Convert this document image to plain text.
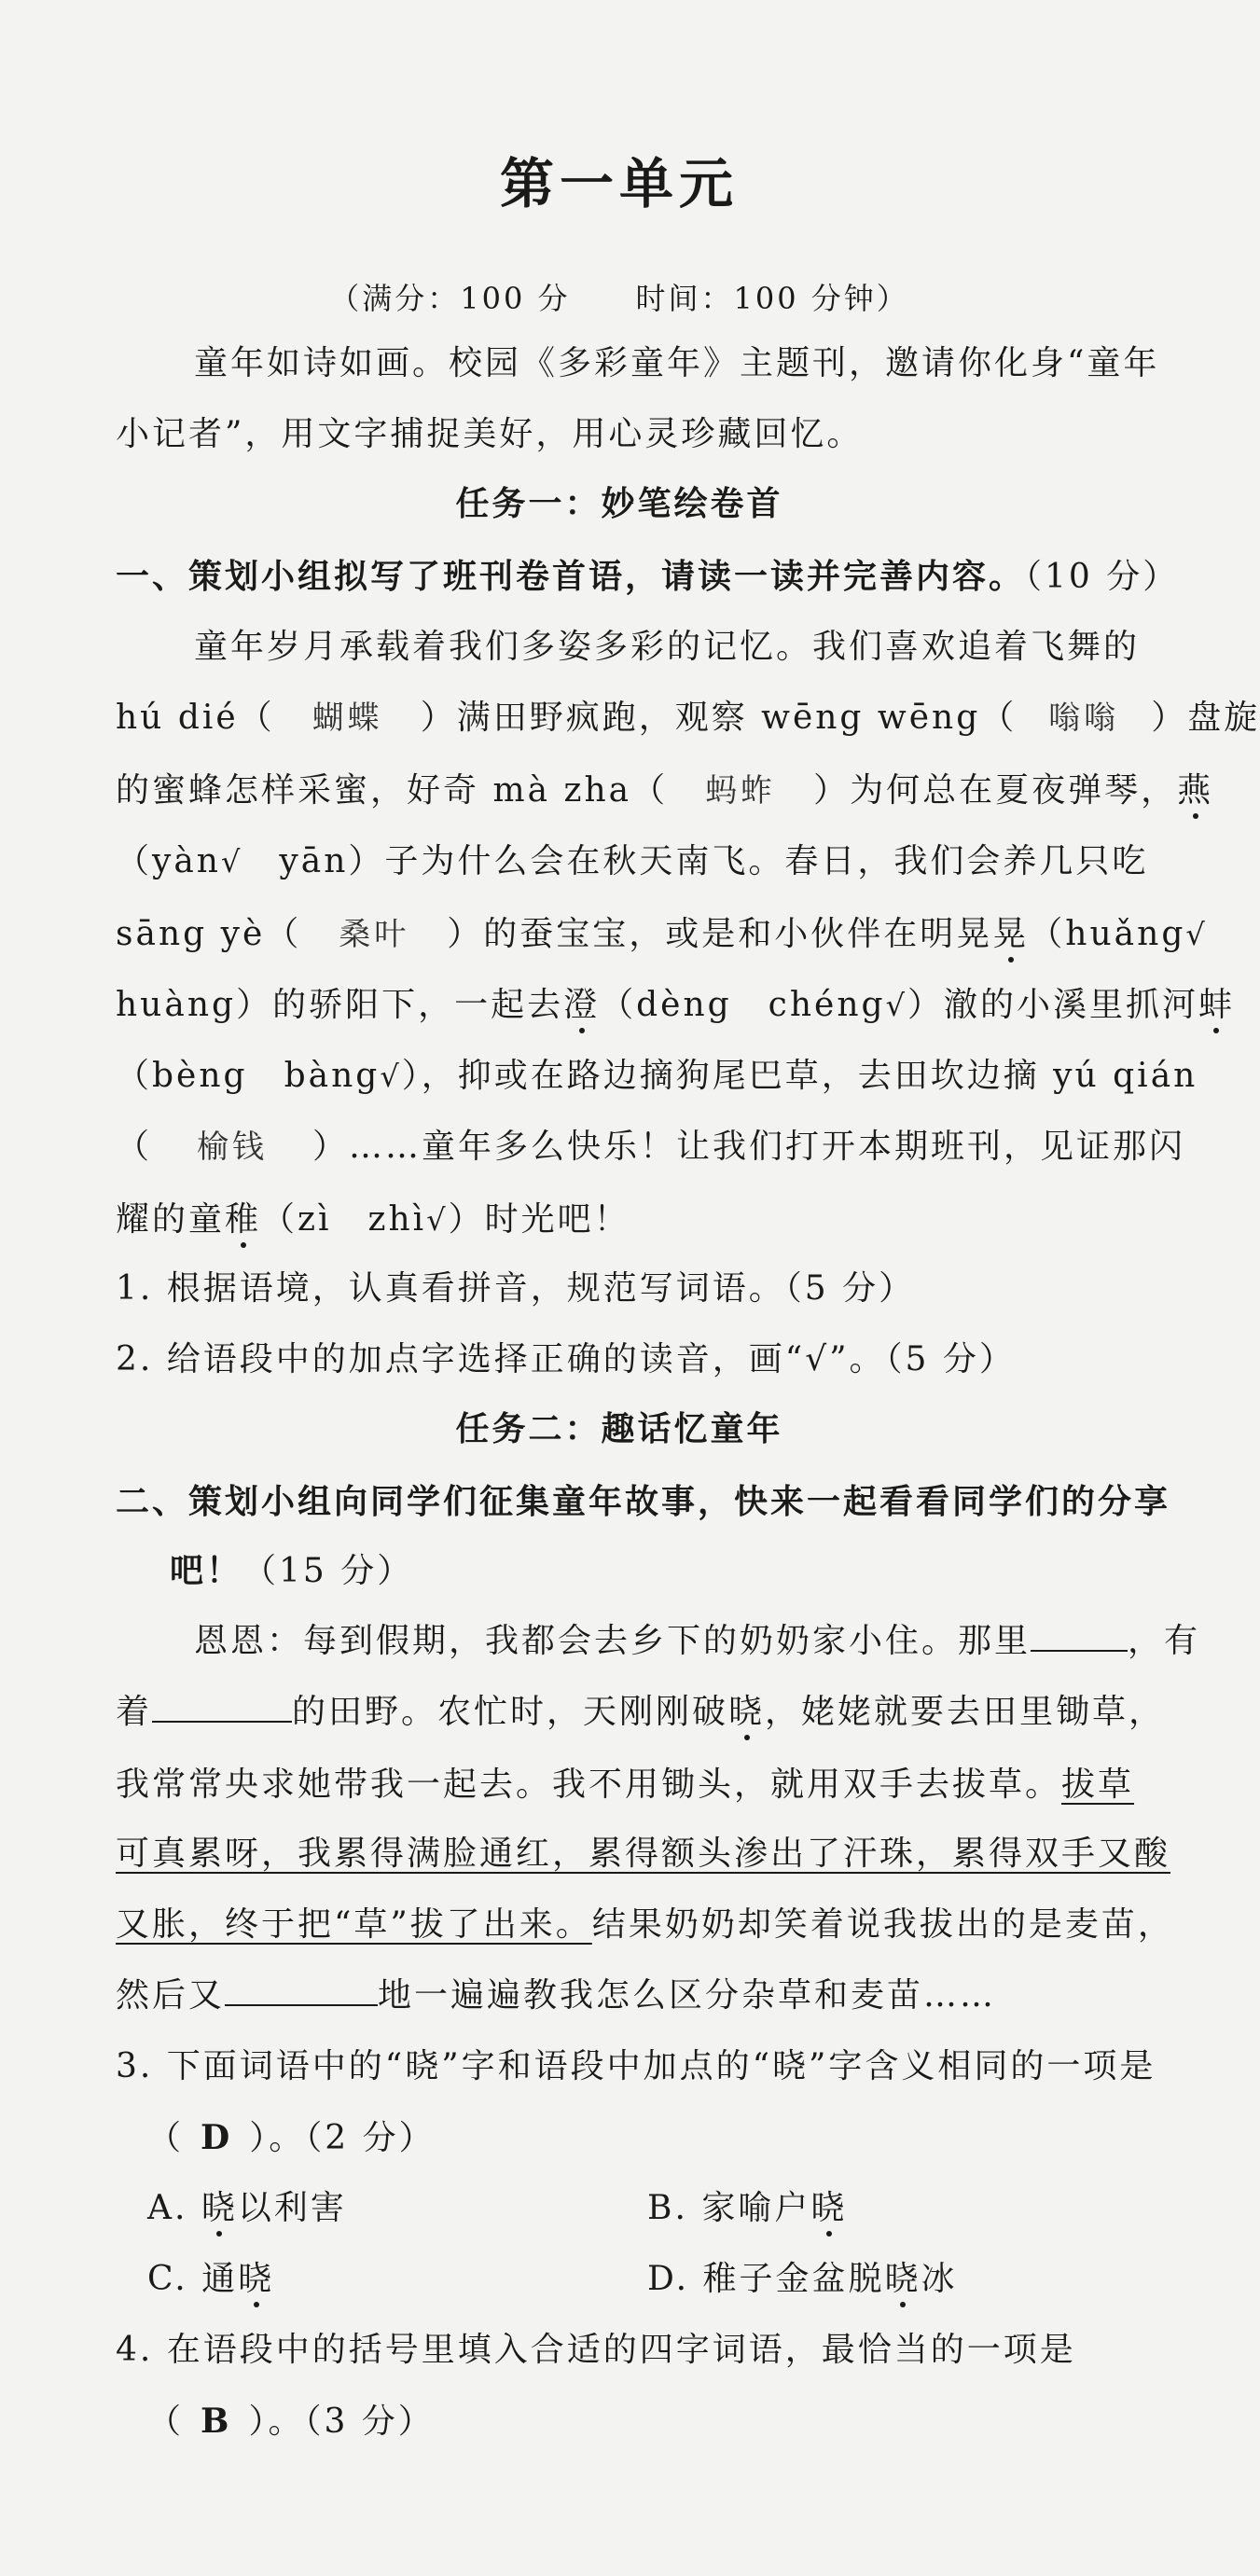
第一单元
（满分：100 分　　时间：100 分钟）
童年如诗如画。校园《多彩童年》主题刊，邀请你化身“童年
小记者”，用文字捕捉美好，用心灵珍藏回忆。
任务一：妙笔绘卷首
一、策划小组拟写了班刊卷首语，请读一读并完善内容。（10 分）
童年岁月承载着我们多姿多彩的记忆。我们喜欢追着飞舞的
hú dié（ 蝴蝶 ）满田野疯跑，观察 wēng wēng（ 嗡嗡 ）盘旋
的蜜蜂怎样采蜜，好奇 mà zha（ 蚂蚱 ）为何总在夏夜弹琴，燕
（yàn√　yān）子为什么会在秋天南飞。春日，我们会养几只吃
sāng yè（ 桑叶 ）的蚕宝宝，或是和小伙伴在明晃晃（huǎng√
huàng）的骄阳下，一起去澄（dèng　chéng√）澈的小溪里抓河蚌
（bèng　bàng√），抑或在路边摘狗尾巴草，去田坎边摘 yú qián
（ 榆钱 ）……童年多么快乐！让我们打开本期班刊，见证那闪
耀的童稚（zì　zhì√）时光吧！
1. 根据语境，认真看拼音，规范写词语。（5 分）
2. 给语段中的加点字选择正确的读音，画“√”。（5 分）
任务二：趣话忆童年
二、策划小组向同学们征集童年故事，快来一起看看同学们的分享
吧！（15 分）
恩恩：每到假期，我都会去乡下的奶奶家小住。那里	，有
着	的田野。农忙时，天刚刚破晓，姥姥就要去田里锄草，
我常常央求她带我一起去。我不用锄头，就用双手去拔草。拔草
可真累呀，我累得满脸通红，累得额头渗出了汗珠，累得双手又酸
又胀，终于把“草”拔了出来。结果奶奶却笑着说我拔出的是麦苗，
然后又	地一遍遍教我怎么区分杂草和麦苗……
3. 下面词语中的“晓”字和语段中加点的“晓”字含义相同的一项是
（ D ）。（2 分）
A. 晓以利害	B. 家喻户晓
C. 通晓	D. 稚子金盆脱晓冰
4. 在语段中的括号里填入合适的四字词语，最恰当的一项是
（ B ）。（3 分）
